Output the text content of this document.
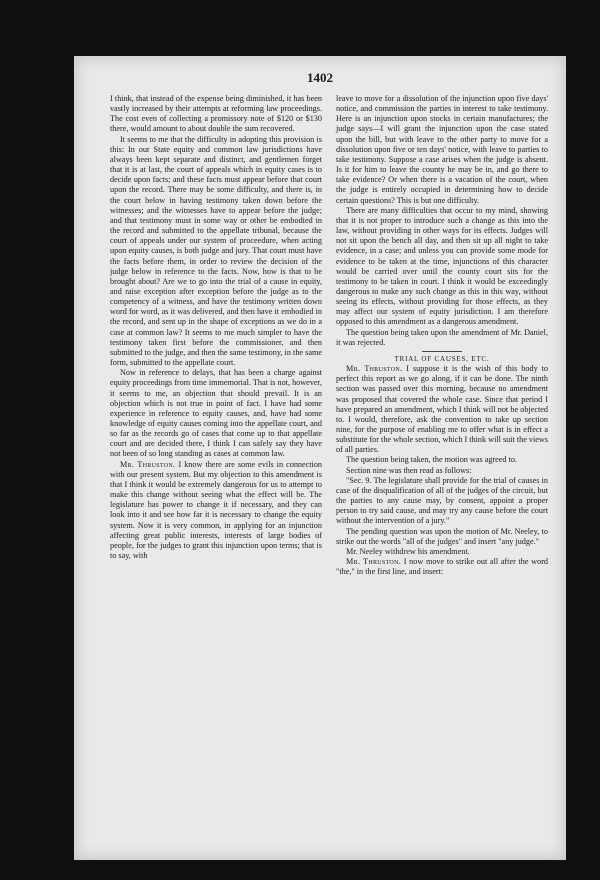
1402

I think, that instead of the expense being diminished, it has been vastly increased by their attempts at reforming law proceedings. The cost even of collecting a promissory note of $120 or $130 there, would amount to about double the sum recovered.

It seems to me that the difficulty in adopting this provision is this: In our State equity and common law jurisdictions have always been kept separate and distinct, and gentlemen forget that it is at last, the court of appeals which in equity cases is to decide upon facts; and these facts must appear before that court upon the record. There may be some difficulty, and there is, in the court below in having testimony taken down before the witnesses; and the witnesses have to appear before the judge; and that testimony must in some way or other be embodied in the record and submitted to the appellate tribunal, because the court of appeals under our system of proceedure, when acting upon equity causes, is both judge and jury. That court must have the facts before them, in order to review the decision of the judge below in reference to the facts. Now, how is that to be brought about? Are we to go into the trial of a cause in equity, and raise exception after exception before the judge as to the competency of a witness, and have the testimony written down word for word, as it was delivered, and then have it embodied in the record, and sent up in the shape of exceptions as we do in a case at common law? It seems to me much simpler to have the testimony taken first before the commissioner, and then submitted to the judge, and then the same testimony, in the same form, submitted to the appellate court.

Now in reference to delays, that has been a charge against equity proceedings from time immemorial. That is not, however, it seems to me, an objection that should prevail. It is an objection which is not true in point of fact. I have had some experience in reference to equity causes, and, have had some knowledge of equity causes coming into the appellate court, and so far as the records go of cases that come up to that appellate court and are decided there, I think I can safely say they have not been of so long standing as cases at common law.

Mr. Thruston. I know there are some evils in connection with our present system. But my objection to this amendment is that I think it would be extremely dangerous for us to attempt to make this change without seeing what the effect will be. The legislature has power to change it if necessary, and they can look into it and see how far it is necessary to change the equity system. Now it is very common, in applying for an injunction affecting great public interests, interests of large bodies of people, for the judges to grant this injunction upon terms; that is to say, with

leave to move for a dissolution of the injunction upon five days' notice, and commission the parties in interest to take testimony. Here is an injunction upon stocks in certain manufactures; the judge says—I will grant the injunction upon the case stated upon the bill, but with leave to the other party to move for a dissolution upon five or ten days' notice, with leave to parties to take testimony. Suppose a case arises when the judge is absent. Is it for him to leave the county he may be in, and go there to take evidence? Or when there is a vacation of the court, when the judge is entirely occupied in determining how to decide certain questions? This is but one difficulty.

There are many difficulties that occur to my mind, showing that it is not proper to introduce such a change as this into the law, without providing in other ways for its effects. Judges will not sit upon the bench all day, and then sit up all night to take evidence, in a case; and unless you can provide some mode for evidence to be taken at the time, injunctions of this character would be carried over until the county court sits for the testimony to be taken in court. I think it would be exceedingly dangerous to make any such change as this in this way, without seeing its effects, without providing for those effects, as they may affect our system of equity jurisdiction. I am therefore opposed to this amendment as a dangerous amendment.

The question being taken upon the amendment of Mr. Daniel, it was rejected.

TRIAL OF CAUSES, ETC.

Mr. Thruston. I suppose it is the wish of this body to perfect this report as we go along, if it can be done. The ninth section was passed over this morning, because no amendment was proposed that covered the whole case. Since that period I have prepared an amendment, which I think will not be objected to. I would, therefore, ask the convention to take up section nine, for the purpose of enabling me to offer what is in effect a substitute for the whole section, which I think will suit the views of all parties.

The question being taken, the motion was agreed to.

Section nine was then read as follows:

"Sec. 9. The legislature shall provide for the trial of causes in case of the disqualification of all of the judges of the circuit, but the parties to any cause may, by consent, appoint a proper person to try said cause, and may try any cause before the court without the intervention of a jury."

The pending question was upon the motion of Mr. Neeley, to strike out the words "all of the judges" and insert "any judge."

Mr. Neeley withdrew his amendment.

Mr. Thruston. I now move to strike out all after the word "the," in the first line, and insert:
